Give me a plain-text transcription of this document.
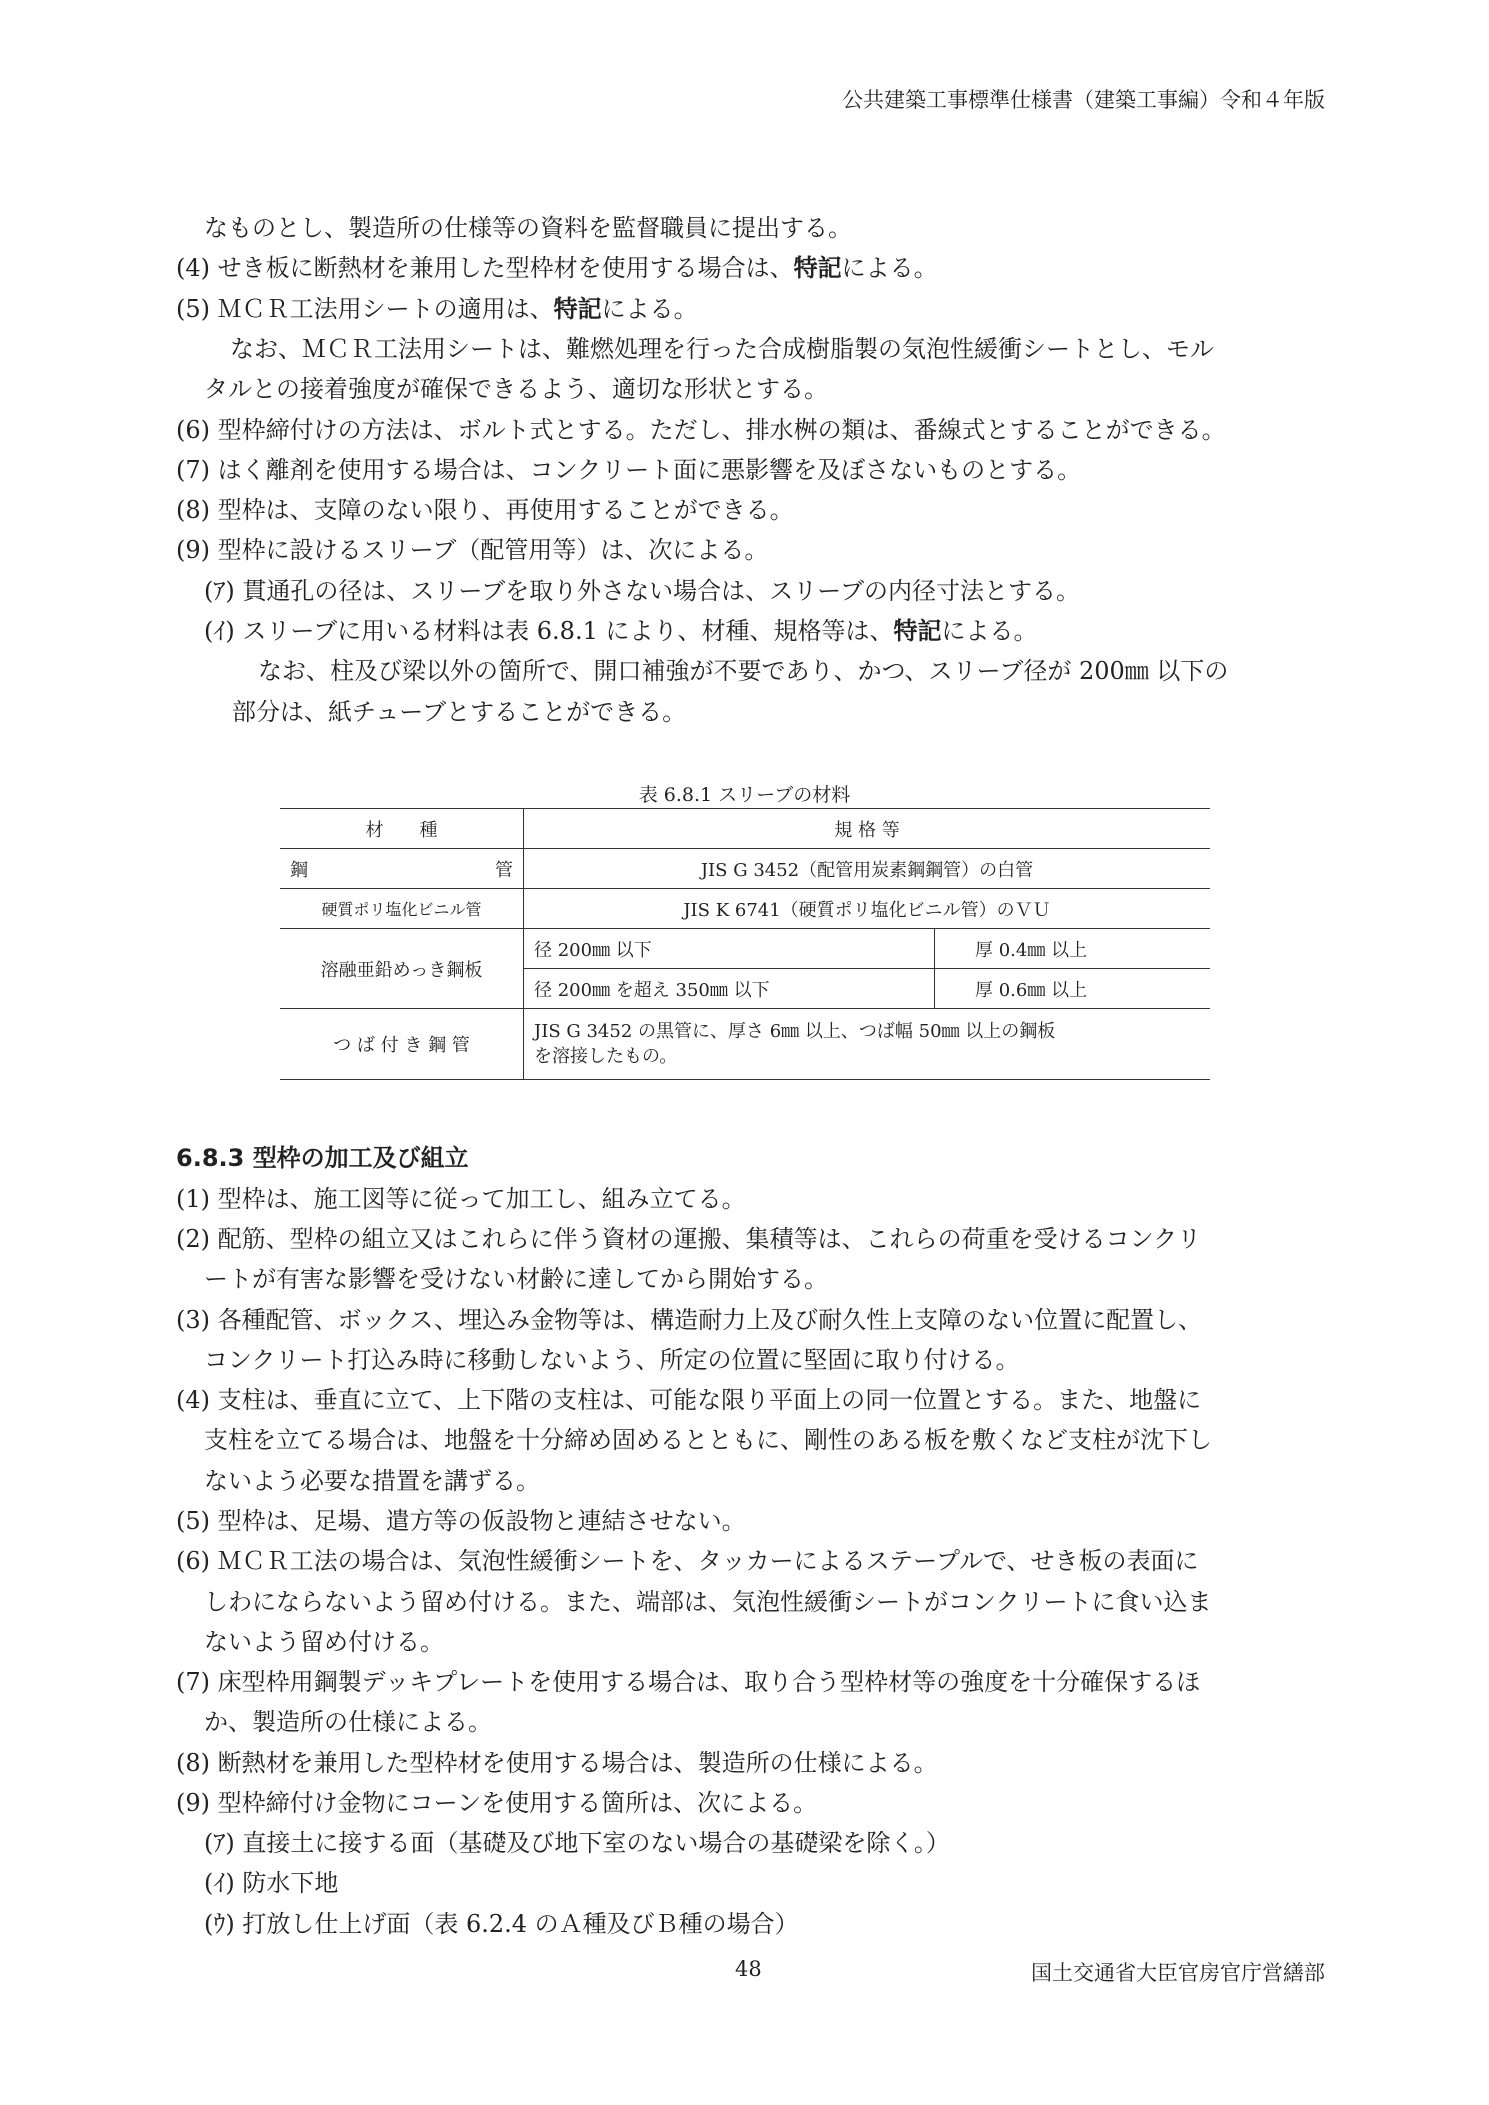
公共建築工事標準仕様書（建築工事編）令和４年版
なものとし、製造所の仕様等の資料を監督職員に提出する。
(4) せき板に断熱材を兼用した型枠材を使用する場合は、特記による。
(5) ＭＣＲ工法用シートの適用は、特記による。
なお、ＭＣＲ工法用シートは、難燃処理を行った合成樹脂製の気泡性緩衝シートとし、モル
タルとの接着強度が確保できるよう、適切な形状とする。
(6) 型枠締付けの方法は、ボルト式とする。ただし、排水桝の類は、番線式とすることができる。
(7) はく離剤を使用する場合は、コンクリート面に悪影響を及ぼさないものとする。
(8) 型枠は、支障のない限り、再使用することができる。
(9) 型枠に設けるスリーブ（配管用等）は、次による。
(ｱ) 貫通孔の径は、スリーブを取り外さない場合は、スリーブの内径寸法とする。
(ｲ) スリーブに用いる材料は表 6.8.1 により、材種、規格等は、特記による。
なお、柱及び梁以外の箇所で、開口補強が不要であり、かつ、スリーブ径が 200㎜ 以下の
部分は、紙チューブとすることができる。
表 6.8.1 スリーブの材料
材　　種	規 格 等	

鋼 管	JIS G 3452（配管用炭素鋼鋼管）の白管	
硬質ポリ塩化ビニル管	JIS K 6741（硬質ポリ塩化ビニル管）のＶＵ	
溶融亜鉛めっき鋼板	径 200㎜ 以下	厚 0.4㎜ 以上
	径 200㎜ を超え 350㎜ 以下	厚 0.6㎜ 以上
つ ば 付 き 鋼 管	JIS G 3452 の黒管に、厚さ 6㎜ 以上、つば幅 50㎜ 以上の鋼板
を溶接したもの。	
6.8.3 型枠の加工及び組立
(1) 型枠は、施工図等に従って加工し、組み立てる。
(2) 配筋、型枠の組立又はこれらに伴う資材の運搬、集積等は、これらの荷重を受けるコンクリ
ートが有害な影響を受けない材齢に達してから開始する。
(3) 各種配管、ボックス、埋込み金物等は、構造耐力上及び耐久性上支障のない位置に配置し、
コンクリート打込み時に移動しないよう、所定の位置に堅固に取り付ける。
(4) 支柱は、垂直に立て、上下階の支柱は、可能な限り平面上の同一位置とする。また、地盤に
支柱を立てる場合は、地盤を十分締め固めるとともに、剛性のある板を敷くなど支柱が沈下し
ないよう必要な措置を講ずる。
(5) 型枠は、足場、遣方等の仮設物と連結させない。
(6) ＭＣＲ工法の場合は、気泡性緩衝シートを、タッカーによるステープルで、せき板の表面に
しわにならないよう留め付ける。また、端部は、気泡性緩衝シートがコンクリートに食い込ま
ないよう留め付ける。
(7) 床型枠用鋼製デッキプレートを使用する場合は、取り合う型枠材等の強度を十分確保するほ
か、製造所の仕様による。
(8) 断熱材を兼用した型枠材を使用する場合は、製造所の仕様による。
(9) 型枠締付け金物にコーンを使用する箇所は、次による。
(ｱ) 直接土に接する面（基礎及び地下室のない場合の基礎梁を除く。）
(ｲ) 防水下地
(ｳ) 打放し仕上げ面（表 6.2.4 のＡ種及びＢ種の場合）
48	国土交通省大臣官房官庁営繕部
